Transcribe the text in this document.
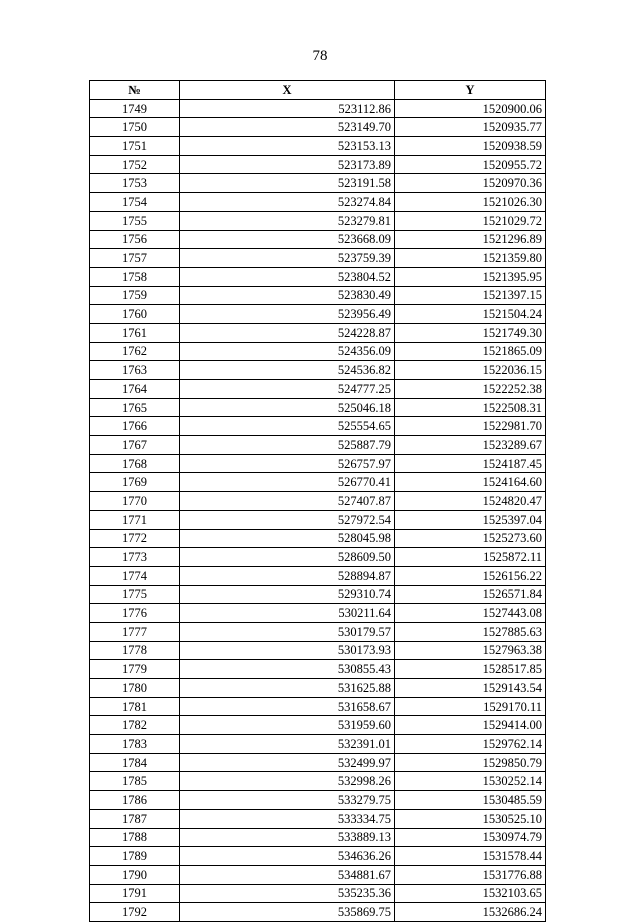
78
№	X	Y
1749	523112.86	1520900.06
1750	523149.70	1520935.77
1751	523153.13	1520938.59
1752	523173.89	1520955.72
1753	523191.58	1520970.36
1754	523274.84	1521026.30
1755	523279.81	1521029.72
1756	523668.09	1521296.89
1757	523759.39	1521359.80
1758	523804.52	1521395.95
1759	523830.49	1521397.15
1760	523956.49	1521504.24
1761	524228.87	1521749.30
1762	524356.09	1521865.09
1763	524536.82	1522036.15
1764	524777.25	1522252.38
1765	525046.18	1522508.31
1766	525554.65	1522981.70
1767	525887.79	1523289.67
1768	526757.97	1524187.45
1769	526770.41	1524164.60
1770	527407.87	1524820.47
1771	527972.54	1525397.04
1772	528045.98	1525273.60
1773	528609.50	1525872.11
1774	528894.87	1526156.22
1775	529310.74	1526571.84
1776	530211.64	1527443.08
1777	530179.57	1527885.63
1778	530173.93	1527963.38
1779	530855.43	1528517.85
1780	531625.88	1529143.54
1781	531658.67	1529170.11
1782	531959.60	1529414.00
1783	532391.01	1529762.14
1784	532499.97	1529850.79
1785	532998.26	1530252.14
1786	533279.75	1530485.59
1787	533334.75	1530525.10
1788	533889.13	1530974.79
1789	534636.26	1531578.44
1790	534881.67	1531776.88
1791	535235.36	1532103.65
1792	535869.75	1532686.24
